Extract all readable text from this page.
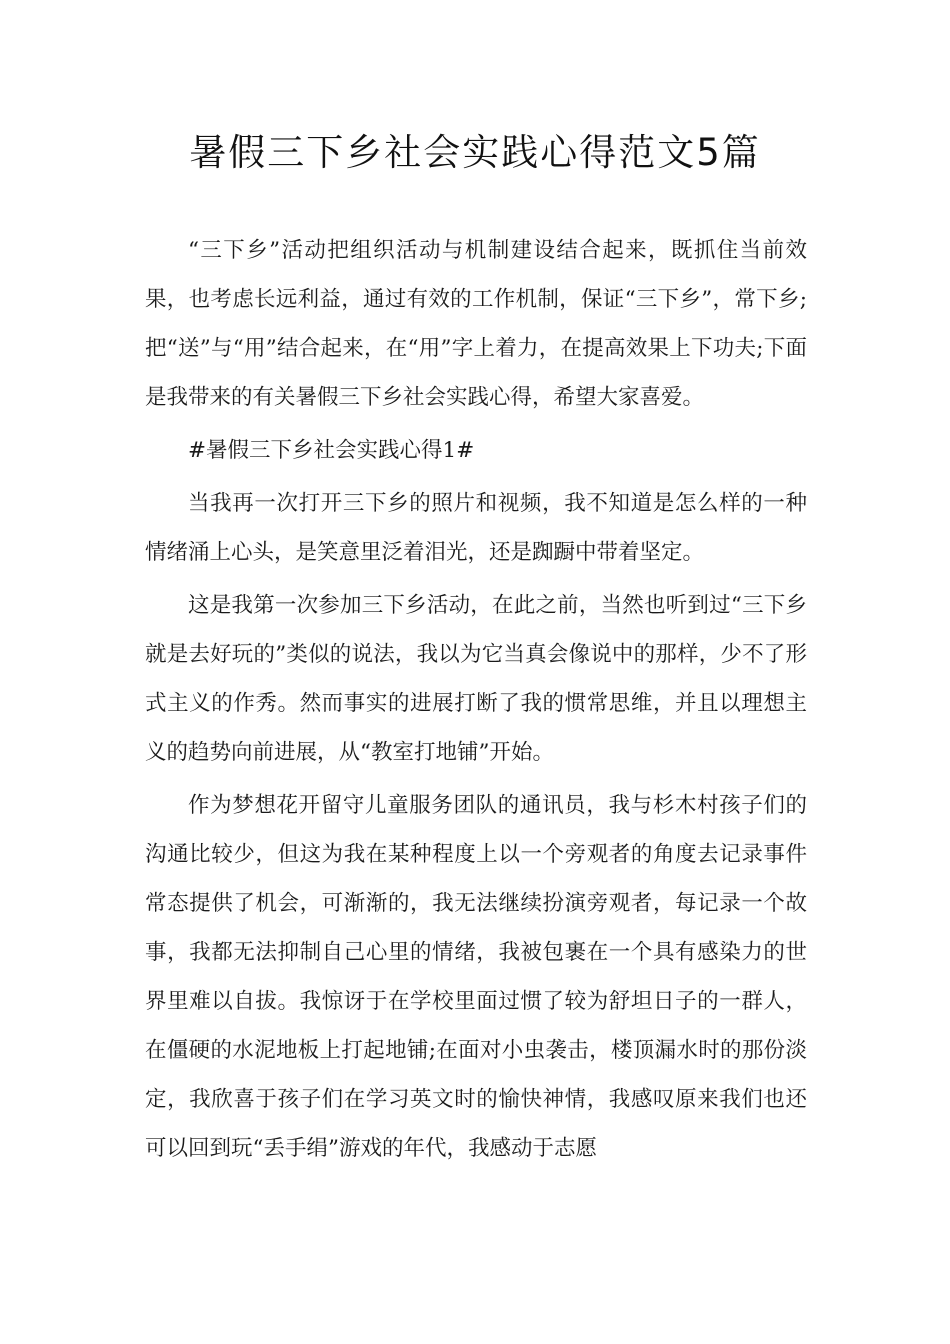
暑假三下乡社会实践心得范文5篇

“三下乡”活动把组织活动与机制建设结合起来，既抓住当前效果，也考虑长远利益，通过有效的工作机制，保证“三下乡”，常下乡;把“送”与“用”结合起来，在“用”字上着力，在提高效果上下功夫;下面是我带来的有关暑假三下乡社会实践心得，希望大家喜爱。

#暑假三下乡社会实践心得1#

当我再一次打开三下乡的照片和视频，我不知道是怎么样的一种情绪涌上心头，是笑意里泛着泪光，还是踟蹰中带着坚定。

这是我第一次参加三下乡活动，在此之前，当然也听到过“三下乡就是去好玩的”类似的说法，我以为它当真会像说中的那样，少不了形式主义的作秀。然而事实的进展打断了我的惯常思维，并且以理想主义的趋势向前进展，从“教室打地铺”开始。

作为梦想花开留守儿童服务团队的通讯员，我与杉木村孩子们的沟通比较少，但这为我在某种程度上以一个旁观者的角度去记录事件常态提供了机会，可渐渐的，我无法继续扮演旁观者，每记录一个故事，我都无法抑制自己心里的情绪，我被包裹在一个具有感染力的世界里难以自拔。我惊讶于在学校里面过惯了较为舒坦日子的一群人，在僵硬的水泥地板上打起地铺;在面对小虫袭击，楼顶漏水时的那份淡定，我欣喜于孩子们在学习英文时的愉快神情，我感叹原来我们也还可以回到玩“丢手绢”游戏的年代，我感动于志愿
